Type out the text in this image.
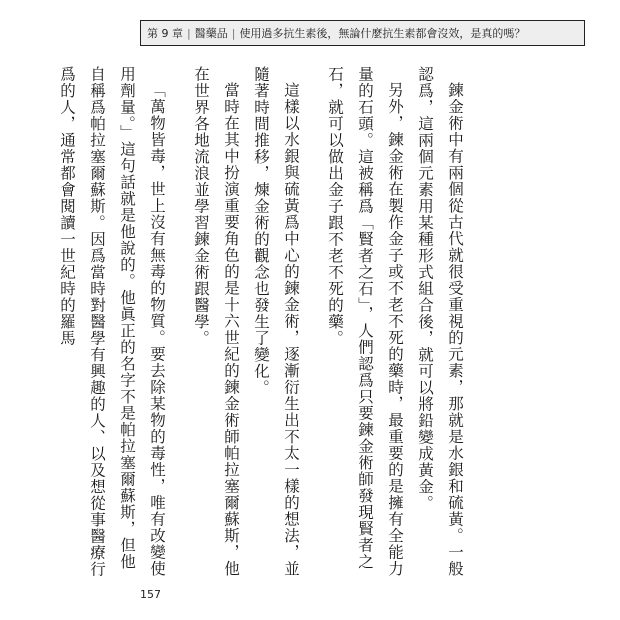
第 9 章 | 醫藥品 | 使用過多抗生素後，無論什麼抗生素都會沒效，是真的嗎？

鍊金術中有兩個從古代就很受重視的元素，那就是水銀和硫黃。一般認爲，這兩個元素用某種形式組合後，就可以將鉛變成黃金。

另外，鍊金術在製作金子或不老不死的藥時，最重要的是擁有全能力量的石頭。這被稱爲「賢者之石」，人們認爲只要鍊金術師發現賢者之石，就可以做出金子跟不老不死的藥。

這樣以水銀與硫黃爲中心的鍊金術，逐漸衍生出不太一樣的想法，並隨著時間推移，煉金術的觀念也發生了變化。

當時在其中扮演重要角色的是十六世紀的鍊金術師帕拉塞爾蘇斯，他在世界各地流浪並學習鍊金術跟醫學。

「萬物皆毒，世上沒有無毒的物質。要去除某物的毒性，唯有改變使用劑量。」這句話就是他說的。他眞正的名字不是帕拉塞爾蘇斯，但他自稱爲帕拉塞爾蘇斯。因爲當時對醫學有興趣的人、以及想從事醫療行爲的人，通常都會閱讀一世紀時的羅馬

157
